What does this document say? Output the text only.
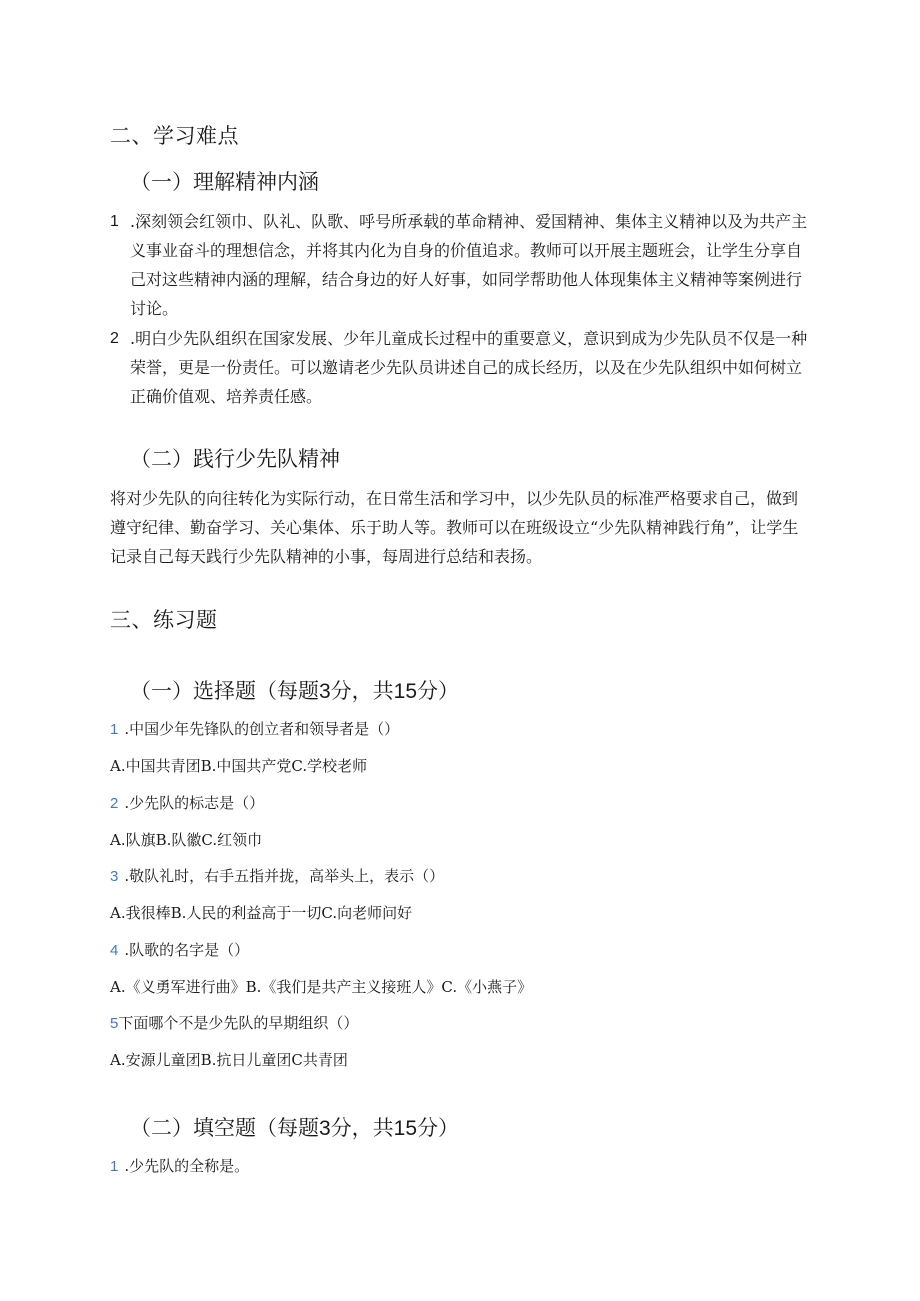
二、学习难点
（一）理解精神内涵
1 .深刻领会红领巾、队礼、队歌、呼号所承载的革命精神、爱国精神、集体主义精神以及为共产主义事业奋斗的理想信念，并将其内化为自身的价值追求。教师可以开展主题班会，让学生分享自己对这些精神内涵的理解，结合身边的好人好事，如同学帮助他人体现集体主义精神等案例进行讨论。
2 .明白少先队组织在国家发展、少年儿童成长过程中的重要意义，意识到成为少先队员不仅是一种荣誉，更是一份责任。可以邀请老少先队员讲述自己的成长经历，以及在少先队组织中如何树立正确价值观、培养责任感。
（二）践行少先队精神

将对少先队的向往转化为实际行动，在日常生活和学习中，以少先队员的标准严格要求自己，做到遵守纪律、勤奋学习、关心集体、乐于助人等。教师可以在班级设立“少先队精神践行角”，让学生记录自己每天践行少先队精神的小事，每周进行总结和表扬。

三、练习题
（一）选择题（每题3分，共15分）
1 .中国少年先锋队的创立者和领导者是（）
A.中国共青团B.中国共产党C.学校老师
2 .少先队的标志是（）
A.队旗B.队徽C.红领巾
3 .敬队礼时，右手五指并拢，高举头上，表示（）
A.我很棒B.人民的利益高于一切C.向老师问好
4 .队歌的名字是（）
A.《义勇军进行曲》B.《我们是共产主义接班人》C.《小燕子》
5下面哪个不是少先队的早期组织（）
A.安源儿童团B.抗日儿童团C共青团
（二）填空题（每题3分，共15分）
1 .少先队的全称是。
